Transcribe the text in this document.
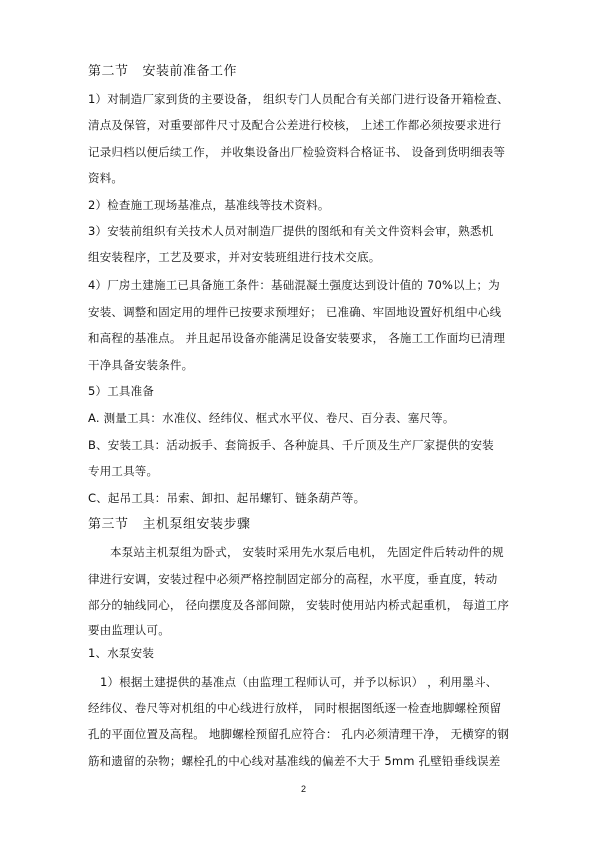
第二节 安装前准备工作
1）对制造厂家到货的主要设备， 组织专门人员配合有关部门进行设备开箱检查、
清点及保管，对重要部件尺寸及配合公差进行校核， 上述工作都必须按要求进行
记录归档以便后续工作， 并收集设备出厂检验资料合格证书、 设备到货明细表等
资料。
2）检查施工现场基准点，基准线等技术资料。
3）安装前组织有关技术人员对制造厂提供的图纸和有关文件资料会审，熟悉机
组安装程序，工艺及要求，并对安装班组进行技术交底。
4）厂房土建施工已具备施工条件：基础混凝土强度达到设计值的 70%以上；为
安装、调整和固定用的埋件已按要求预埋好； 已准确、牢固地设置好机组中心线
和高程的基准点。 并且起吊设备亦能满足设备安装要求， 各施工工作面均已清理
干净具备安装条件。
5）工具准备
A. 测量工具：水准仪、经纬仪、框式水平仪、卷尺、百分表、塞尺等。
B、安装工具：活动扳手、套筒扳手、各种旋具、千斤顶及生产厂家提供的安装
专用工具等。
C、起吊工具：吊索、卸扣、起吊螺钉、链条葫芦等。
第三节 主机泵组安装步骤
本泵站主机泵组为卧式， 安装时采用先水泵后电机， 先固定件后转动件的规
律进行安调，安装过程中必须严格控制固定部分的高程，水平度，垂直度，转动
部分的轴线同心， 径向摆度及各部间隙， 安装时使用站内桥式起重机， 每道工序
要由监理认可。
1、水泵安装
1）根据土建提供的基准点（由监理工程师认可，并予以标识） ，利用墨斗、
经纬仪、卷尺等对机组的中心线进行放样， 同时根据图纸逐一检查地脚螺栓预留
孔的平面位置及高程。 地脚螺栓预留孔应符合： 孔内必须清理干净， 无横穿的钢
筋和遗留的杂物；螺栓孔的中心线对基准线的偏差不大于 5mm 孔壁铅垂线误差
2
